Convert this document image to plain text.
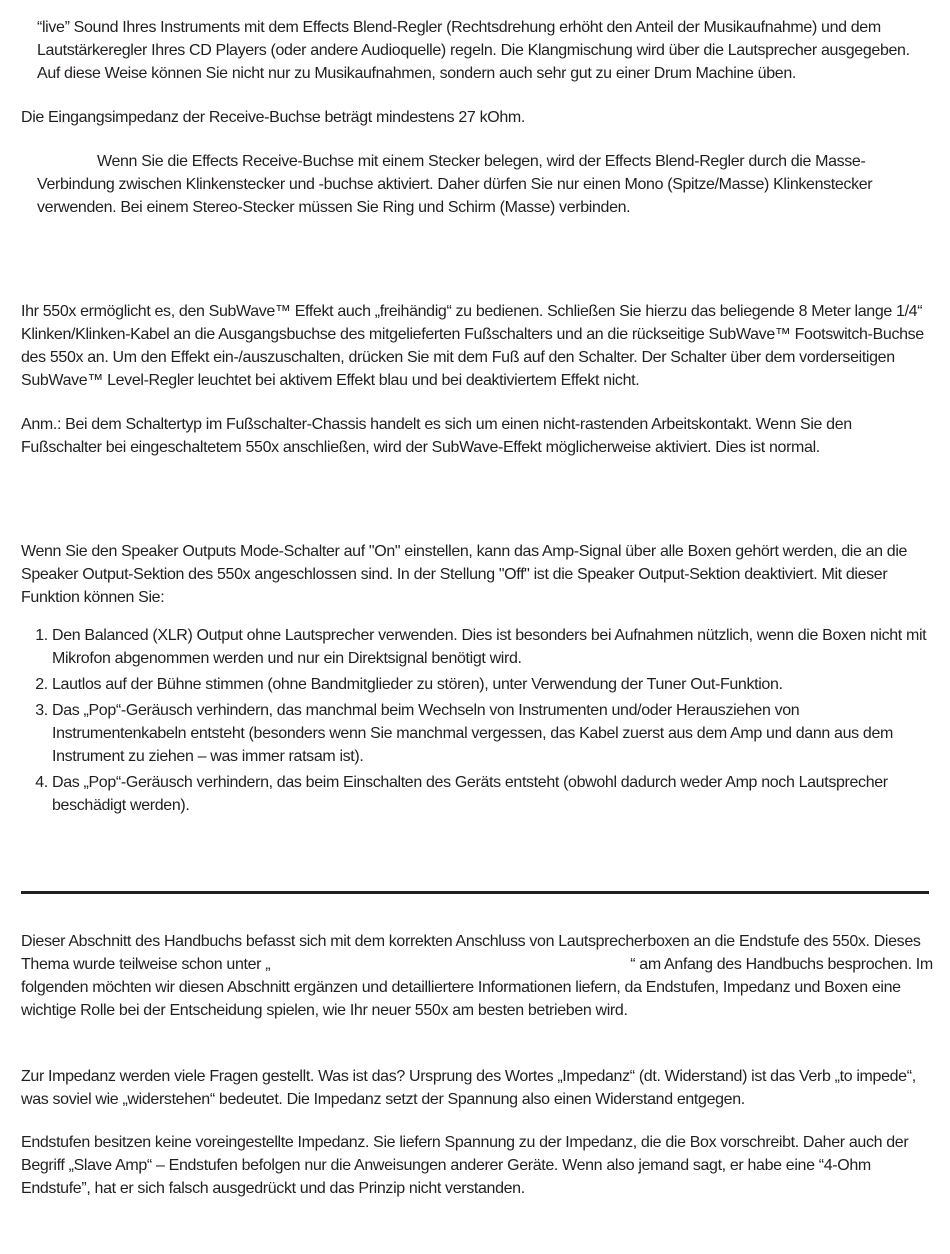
“live” Sound Ihres Instruments mit dem Effects Blend-Regler (Rechtsdrehung erhöht den Anteil der Musikaufnahme) und dem Lautstärkeregler Ihres CD Players (oder andere Audioquelle) regeln. Die Klangmischung wird über die Lautsprecher ausgegeben. Auf diese Weise können Sie nicht nur zu Musikaufnahmen, sondern auch sehr gut zu einer Drum Machine üben.

Die Eingangsimpedanz der Receive-Buchse beträgt mindestens 27 kOhm.

Wenn Sie die Effects Receive-Buchse mit einem Stecker belegen, wird der Effects Blend-Regler durch die Masse-Verbindung zwischen Klinkenstecker und -buchse aktiviert. Daher dürfen Sie nur einen Mono (Spitze/Masse) Klinkenstecker verwenden. Bei einem Stereo-Stecker müssen Sie Ring und Schirm (Masse) verbinden.

Ihr 550x ermöglicht es, den SubWave™ Effekt auch „freihändig“ zu bedienen. Schließen Sie hierzu das beliegende 8 Meter lange 1/4“ Klinken/Klinken-Kabel an die Ausgangsbuchse des mitgelieferten Fußschalters und an die rückseitige SubWave™ Footswitch-Buchse des 550x an. Um den Effekt ein-/auszuschalten, drücken Sie mit dem Fuß auf den Schalter. Der Schalter über dem vorderseitigen SubWave™ Level-Regler leuchtet bei aktivem Effekt blau und bei deaktiviertem Effekt nicht.

Anm.: Bei dem Schaltertyp im Fußschalter-Chassis handelt es sich um einen nicht-rastenden Arbeitskontakt. Wenn Sie den Fußschalter bei eingeschaltetem 550x anschließen, wird der SubWave-Effekt möglicherweise aktiviert. Dies ist normal.

Wenn Sie den Speaker Outputs Mode-Schalter auf "On" einstellen, kann das Amp-Signal über alle Boxen gehört werden, die an die Speaker Output-Sektion des 550x angeschlossen sind. In der Stellung "Off" ist die Speaker Output-Sektion deaktiviert. Mit dieser Funktion können Sie:

1. Den Balanced (XLR) Output ohne Lautsprecher verwenden. Dies ist besonders bei Aufnahmen nützlich, wenn die Boxen nicht mit Mikrofon abgenommen werden und nur ein Direktsignal benötigt wird.
2. Lautlos auf der Bühne stimmen (ohne Bandmitglieder zu stören), unter Verwendung der Tuner Out-Funktion.
3. Das „Pop“-Geräusch verhindern, das manchmal beim Wechseln von Instrumenten und/oder Herausziehen von Instrumentenkabeln entsteht (besonders wenn Sie manchmal vergessen, das Kabel zuerst aus dem Amp und dann aus dem Instrument zu ziehen – was immer ratsam ist).
4. Das „Pop“-Geräusch verhindern, das beim Einschalten des Geräts entsteht (obwohl dadurch weder Amp noch Lautsprecher beschädigt werden).

Dieser Abschnitt des Handbuchs befasst sich mit dem korrekten Anschluss von Lautsprecherboxen an die Endstufe des 550x. Dieses Thema wurde teilweise schon unter „	“ am Anfang des Handbuchs besprochen. Im folgenden möchten wir diesen Abschnitt ergänzen und detailliertere Informationen liefern, da Endstufen, Impedanz und Boxen eine wichtige Rolle bei der Entscheidung spielen, wie Ihr neuer 550x am besten betrieben wird.

Zur Impedanz werden viele Fragen gestellt. Was ist das? Ursprung des Wortes „Impedanz“ (dt. Widerstand) ist das Verb „to impede“, was soviel wie „widerstehen“ bedeutet. Die Impedanz setzt der Spannung also einen Widerstand entgegen.

Endstufen besitzen keine voreingestellte Impedanz. Sie liefern Spannung zu der Impedanz, die die Box vorschreibt. Daher auch der Begriff „Slave Amp“ – Endstufen befolgen nur die Anweisungen anderer Geräte. Wenn also jemand sagt, er habe eine “4-Ohm Endstufe”, hat er sich falsch ausgedrückt und das Prinzip nicht verstanden.
